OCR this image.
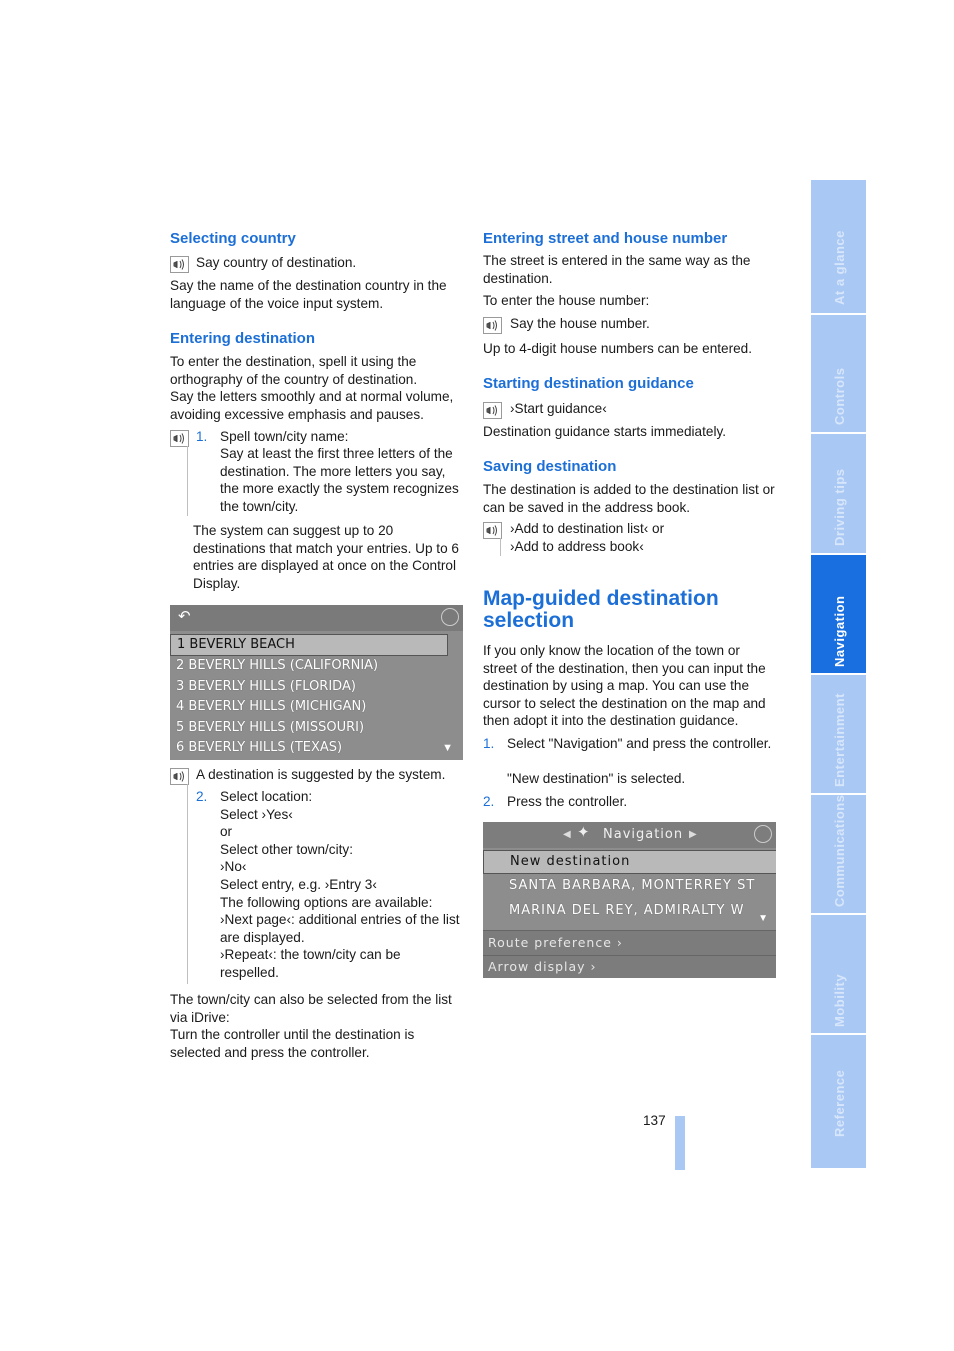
Selecting country

Say country of destination.

Say the name of the destination country in the language of the voice input system.

Entering destination

To enter the destination, spell it using the orthography of the country of destination.

Say the letters smoothly and at normal volume, avoiding excessive emphasis and pauses.

1. Spell town/city name:

Say at least the first three letters of the destination. The more letters you say, the more exactly the system recognizes the town/city.

The system can suggest up to 20 destinations that match your entries. Up to 6 entries are displayed at once on the Control Display.

↶
1 BEVERLY BEACH
2 BEVERLY HILLS (CALIFORNIA)
3 BEVERLY HILLS (FLORIDA)
4 BEVERLY HILLS (MICHIGAN)
5 BEVERLY HILLS (MISSOURI)
6 BEVERLY HILLS (TEXAS)	▼

A destination is suggested by the system.

2. Select location:

Select ›Yes‹

or

Select other town/city:

›No‹

Select entry, e.g. ›Entry 3‹

The following options are available:

›Next page‹: additional entries of the list are displayed.

›Repeat‹: the town/city can be respelled.

The town/city can also be selected from the list via iDrive:

Turn the controller until the destination is selected and press the controller.

Entering street and house number

The street is entered in the same way as the destination.

To enter the house number:

Say the house number.

Up to 4-digit house numbers can be entered.

Starting destination guidance

›Start guidance‹

Destination guidance starts immediately.

Saving destination

The destination is added to the destination list or can be saved in the address book.

›Add to destination list‹ or

›Add to address book‹

Map-guided destination
selection

If you only know the location of the town or street of the destination, then you can input the destination by using a map. You can use the cursor to select the destination on the map and then adopt it into the destination guidance.

1. Select "Navigation" and press the controller.

"New destination" is selected.

2. Press the controller.

◀ ✦ Navigation ▶
New destination
SANTA BARBARA, MONTERREY ST
MARINA DEL REY, ADMIRALTY W
Route preference ›
Arrow display ›
▼
137
At a glance
Controls
Driving tips
Navigation
Entertainment
Communications
Mobility
Reference
